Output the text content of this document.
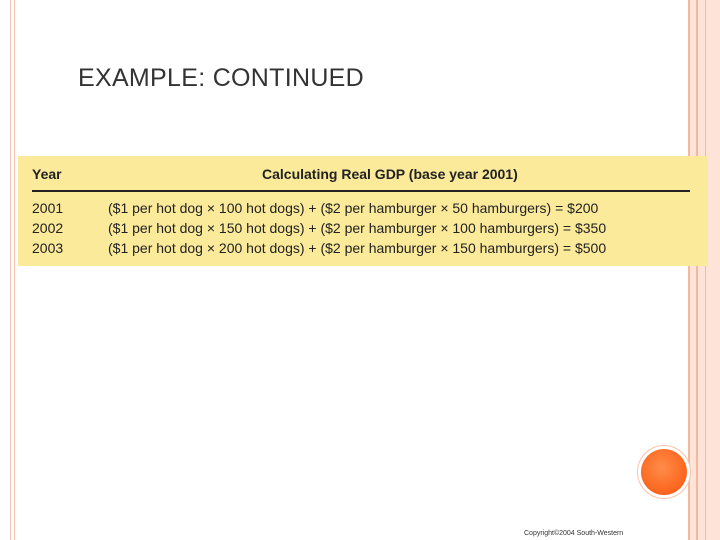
EXAMPLE: CONTINUED
Year	Calculating Real GDP (base year 2001)
2001	($1 per hot dog × 100 hot dogs) + ($2 per hamburger × 50 hamburgers) = $200
2002	($1 per hot dog × 150 hot dogs) + ($2 per hamburger × 100 hamburgers) = $350
2003	($1 per hot dog × 200 hot dogs) + ($2 per hamburger × 150 hamburgers) = $500
Copyright©2004 South-Western
